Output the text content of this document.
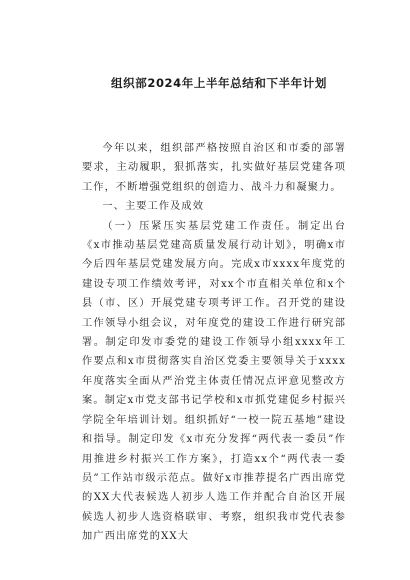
组织部2024年上半年总结和下半年计划

今年以来，组织部严格按照自治区和市委的部署要求，主动履职，狠抓落实，扎实做好基层党建各项工作，不断增强党组织的创造力、战斗力和凝聚力。

一、主要工作及成效

（一）压紧压实基层党建工作责任。制定出台《x市推动基层党建高质量发展行动计划》，明确x市今后四年基层党建发展方向。完成x市xxxx年度党的建设专项工作绩效考评，对xx个市直相关单位和x个县（市、区）开展党建专项考评工作。召开党的建设工作领导小组会议，对年度党的建设工作进行研究部署。制定印发市委党的建设工作领导小组xxxx年工作要点和x市贯彻落实自治区党委主要领导关于xxxx年度落实全面从严治党主体责任情况点评意见整改方案。制定x市党支部书记学校和x市抓党建促乡村振兴学院全年培训计划。组织抓好“一校一院五基地”建设和指导。制定印发《x市充分发挥“两代表一委员”作用推进乡村振兴工作方案》，打造xx个“两代表一委员”工作站市级示范点。做好x市推荐提名广西出席党的XX大代表候选人初步人选工作并配合自治区开展候选人初步人选资格联审、考察，组织我市党代表参加广西出席党的XX大
